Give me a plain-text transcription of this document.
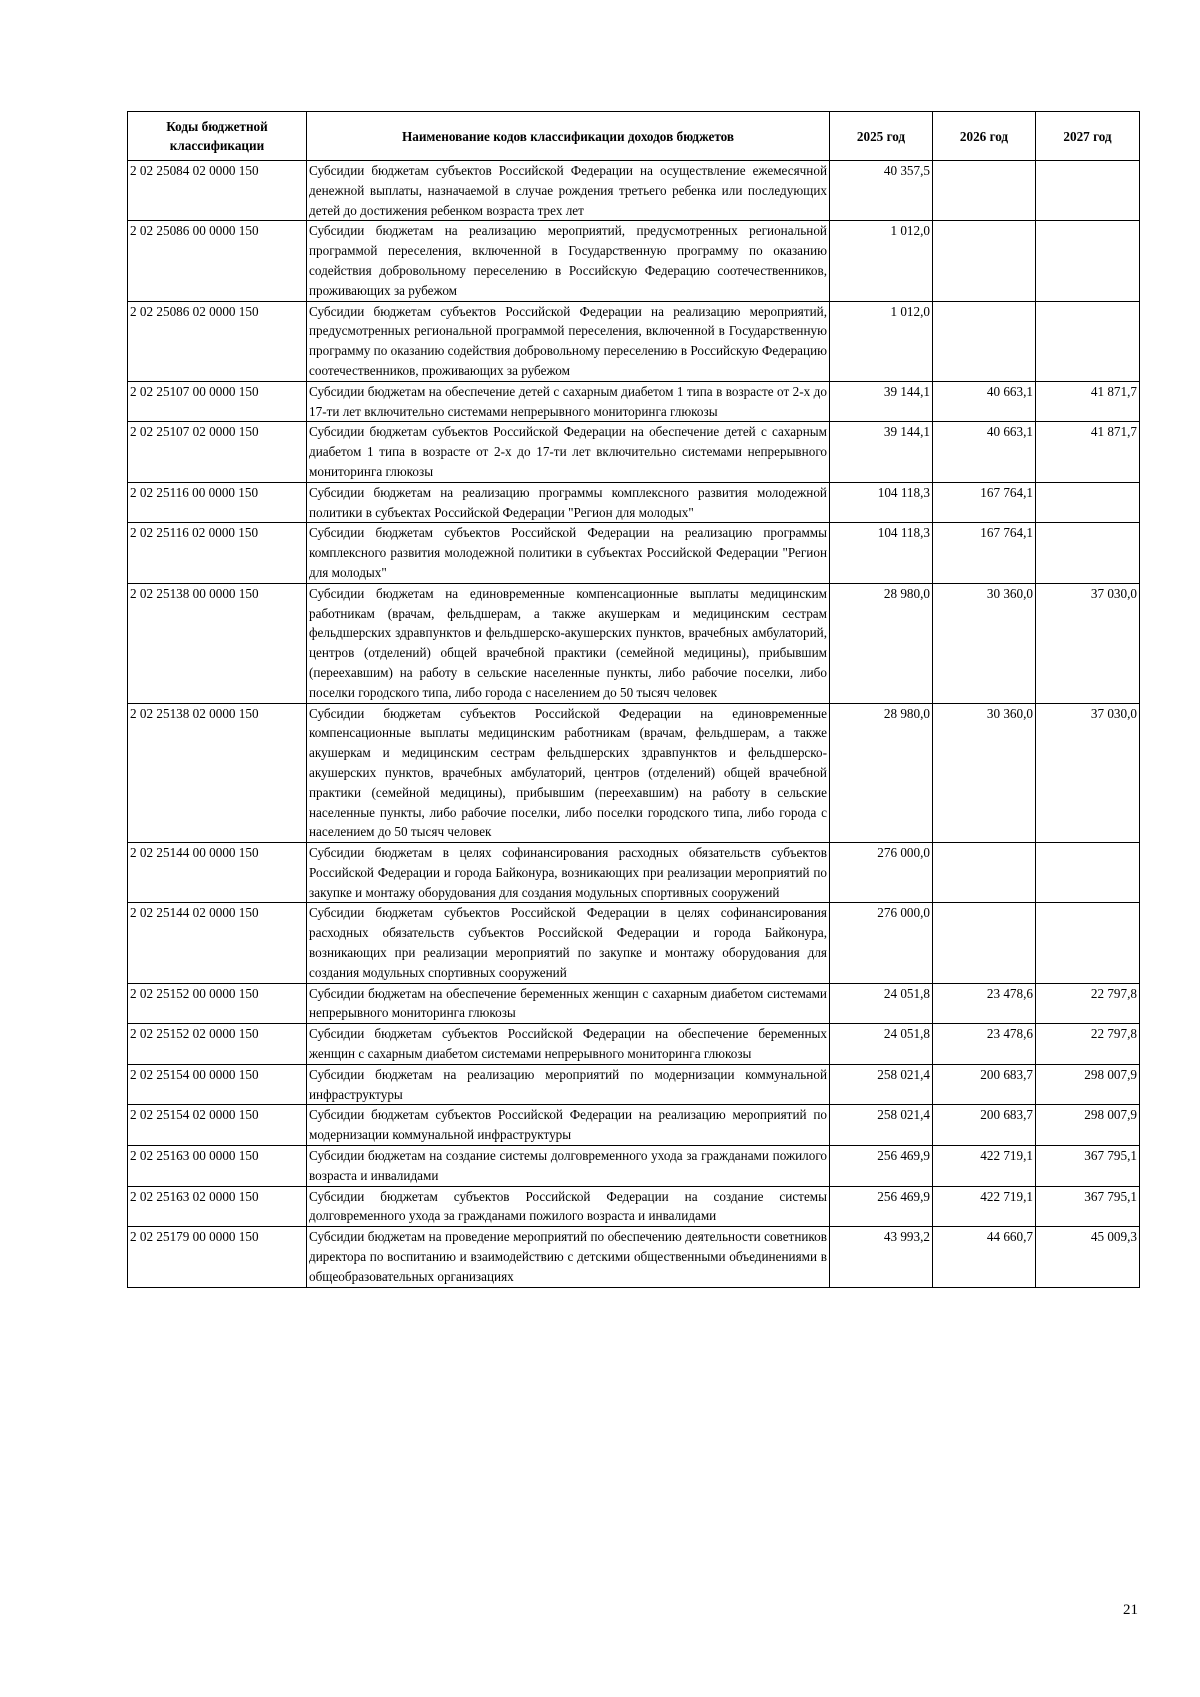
Коды бюджетной классификации	Наименование кодов классификации доходов бюджетов	2025 год	2026 год	2027 год
2 02 25084 02 0000 150	Субсидии бюджетам субъектов Российской Федерации на осуществление ежемесячной денежной выплаты, назначаемой в случае рождения третьего ребенка или последующих детей до достижения ребенком возраста трех лет	40 357,5		
2 02 25086 00 0000 150	Субсидии бюджетам на реализацию мероприятий, предусмотренных региональной программой переселения, включенной в Государственную программу по оказанию содействия добровольному переселению в Российскую Федерацию соотечественников, проживающих за рубежом	1 012,0		
2 02 25086 02 0000 150	Субсидии бюджетам субъектов Российской Федерации на реализацию мероприятий, предусмотренных региональной программой переселения, включенной в Государственную программу по оказанию содействия добровольному переселению в Российскую Федерацию соотечественников, проживающих за рубежом	1 012,0		
2 02 25107 00 0000 150	Субсидии бюджетам на обеспечение детей с сахарным диабетом 1 типа в возрасте от 2-х до 17-ти лет включительно системами непрерывного мониторинга глюкозы	39 144,1	40 663,1	41 871,7
2 02 25107 02 0000 150	Субсидии бюджетам субъектов Российской Федерации на обеспечение детей с сахарным диабетом 1 типа в возрасте от 2-х до 17-ти лет включительно системами непрерывного мониторинга глюкозы	39 144,1	40 663,1	41 871,7
2 02 25116 00 0000 150	Субсидии бюджетам на реализацию программы комплексного развития молодежной политики в субъектах Российской Федерации "Регион для молодых"	104 118,3	167 764,1	
2 02 25116 02 0000 150	Субсидии бюджетам субъектов Российской Федерации на реализацию программы комплексного развития молодежной политики в субъектах Российской Федерации "Регион для молодых"	104 118,3	167 764,1	
2 02 25138 00 0000 150	Субсидии бюджетам на единовременные компенсационные выплаты медицинским работникам (врачам, фельдшерам, а также акушеркам и медицинским сестрам фельдшерских здравпунктов и фельдшерско-акушерских пунктов, врачебных амбулаторий, центров (отделений) общей врачебной практики (семейной медицины), прибывшим (переехавшим) на работу в сельские населенные пункты, либо рабочие поселки, либо поселки городского типа, либо города с населением до 50 тысяч человек	28 980,0	30 360,0	37 030,0
2 02 25138 02 0000 150	Субсидии бюджетам субъектов Российской Федерации на единовременные компенсационные выплаты медицинским работникам (врачам, фельдшерам, а также акушеркам и медицинским сестрам фельдшерских здравпунктов и фельдшерско-акушерских пунктов, врачебных амбулаторий, центров (отделений) общей врачебной практики (семейной медицины), прибывшим (переехавшим) на работу в сельские населенные пункты, либо рабочие поселки, либо поселки городского типа, либо города с населением до 50 тысяч человек	28 980,0	30 360,0	37 030,0
2 02 25144 00 0000 150	Субсидии бюджетам в целях софинансирования расходных обязательств субъектов Российской Федерации и города Байконура, возникающих при реализации мероприятий по закупке и монтажу оборудования для создания модульных спортивных сооружений	276 000,0		
2 02 25144 02 0000 150	Субсидии бюджетам субъектов Российской Федерации в целях софинансирования расходных обязательств субъектов Российской Федерации и города Байконура, возникающих при реализации мероприятий по закупке и монтажу оборудования для создания модульных спортивных сооружений	276 000,0		
2 02 25152 00 0000 150	Субсидии бюджетам на обеспечение беременных женщин с сахарным диабетом системами непрерывного мониторинга глюкозы	24 051,8	23 478,6	22 797,8
2 02 25152 02 0000 150	Субсидии бюджетам субъектов Российской Федерации на обеспечение беременных женщин с сахарным диабетом системами непрерывного мониторинга глюкозы	24 051,8	23 478,6	22 797,8
2 02 25154 00 0000 150	Субсидии бюджетам на реализацию мероприятий по модернизации коммунальной инфраструктуры	258 021,4	200 683,7	298 007,9
2 02 25154 02 0000 150	Субсидии бюджетам субъектов Российской Федерации на реализацию мероприятий по модернизации коммунальной инфраструктуры	258 021,4	200 683,7	298 007,9
2 02 25163 00 0000 150	Субсидии бюджетам на создание системы долговременного ухода за гражданами пожилого возраста и инвалидами	256 469,9	422 719,1	367 795,1
2 02 25163 02 0000 150	Субсидии бюджетам субъектов Российской Федерации на создание системы долговременного ухода за гражданами пожилого возраста и инвалидами	256 469,9	422 719,1	367 795,1
2 02 25179 00 0000 150	Субсидии бюджетам на проведение мероприятий по обеспечению деятельности советников директора по воспитанию и взаимодействию с детскими общественными объединениями в общеобразовательных организациях	43 993,2	44 660,7	45 009,3
21
